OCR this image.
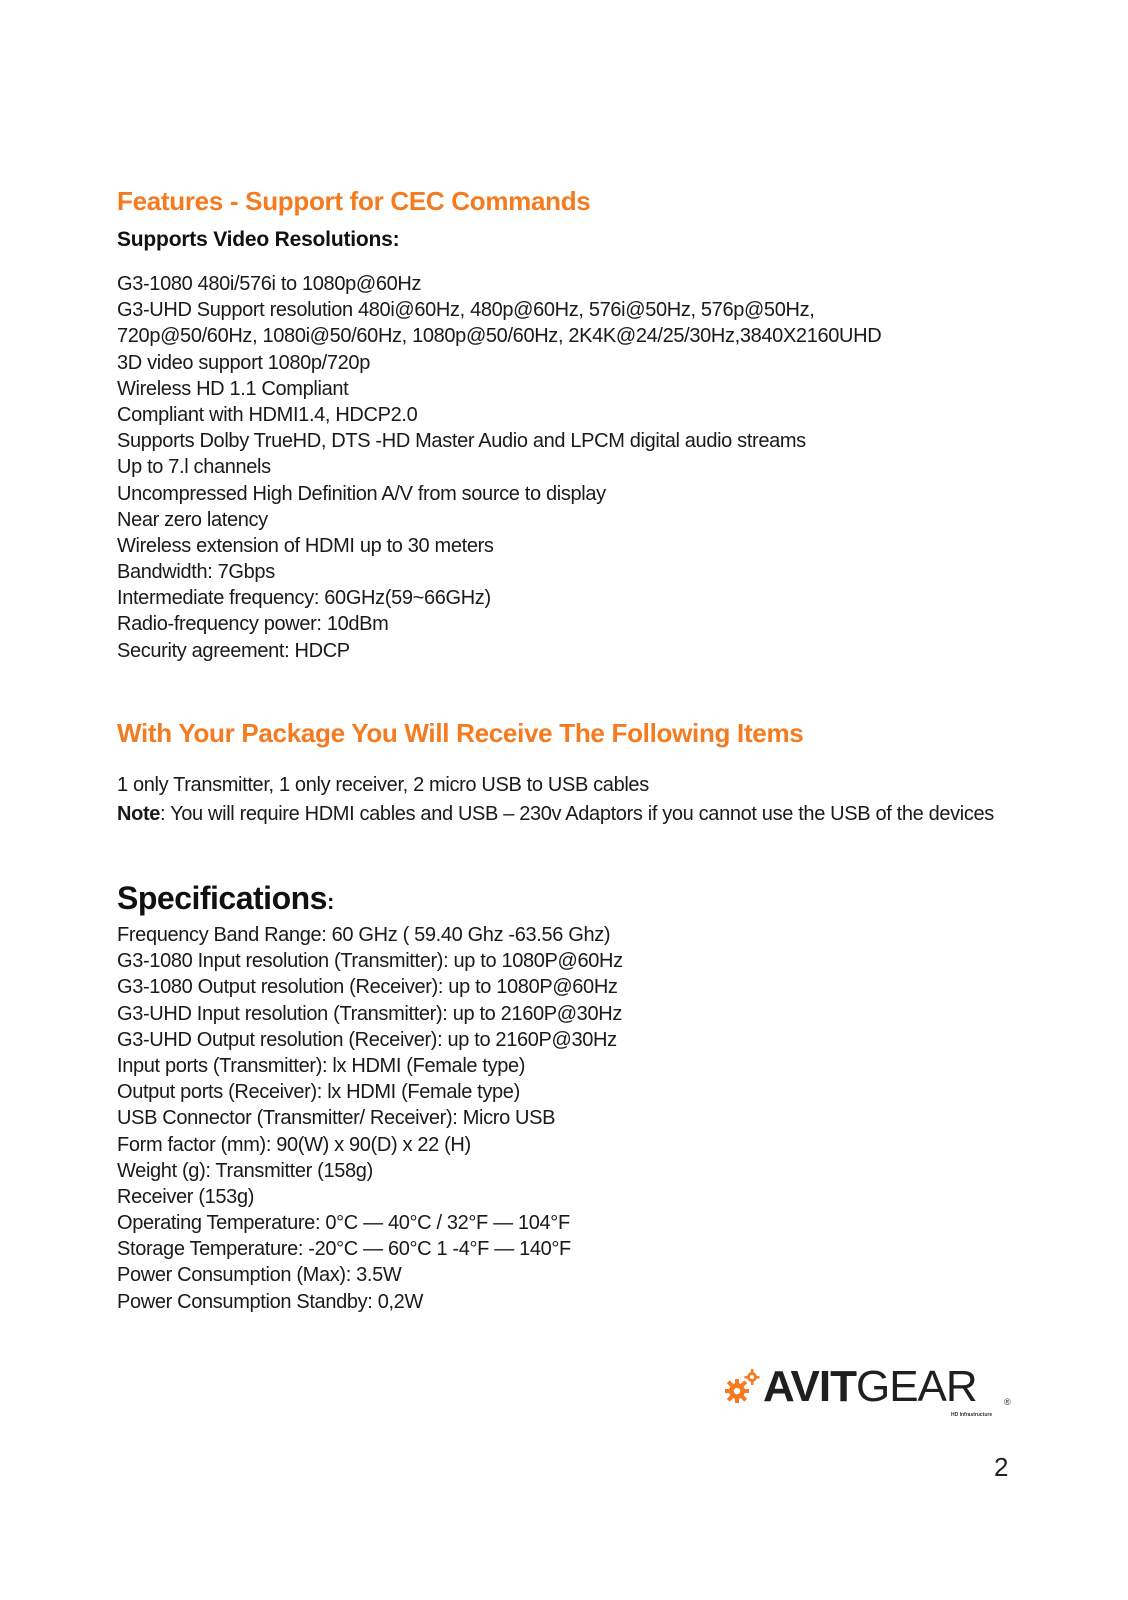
Features - Support for CEC Commands
Supports Video Resolutions:
G3-1080 480i/576i to 1080p@60Hz
G3-UHD Support resolution 480i@60Hz, 480p@60Hz, 576i@50Hz, 576p@50Hz,
720p@50/60Hz, 1080i@50/60Hz, 1080p@50/60Hz, 2K4K@24/25/30Hz,3840X2160UHD
3D video support 1080p/720p
Wireless HD 1.1 Compliant
Compliant with HDMI1.4, HDCP2.0
Supports Dolby TrueHD, DTS -HD Master Audio and LPCM digital audio streams
Up to 7.l channels
Uncompressed High Definition A/V from source to display
Near zero latency
Wireless extension of HDMI up to 30 meters
Bandwidth: 7Gbps
Intermediate frequency: 60GHz(59~66GHz)
Radio-frequency power: 10dBm
Security agreement: HDCP
With Your Package You Will Receive The Following Items
1 only Transmitter, 1 only receiver, 2 micro USB to USB cables
Note: You will require HDMI cables and USB – 230v Adaptors if you cannot use the USB of the devices
Specifications:
Frequency Band Range: 60 GHz ( 59.40 Ghz -63.56 Ghz)
G3-1080 Input resolution (Transmitter): up to 1080P@60Hz
G3-1080 Output resolution (Receiver): up to 1080P@60Hz
G3-UHD Input resolution (Transmitter): up to 2160P@30Hz
G3-UHD Output resolution (Receiver): up to 2160P@30Hz
Input ports (Transmitter): lx HDMI (Female type)
Output ports (Receiver): lx HDMI (Female type)
USB Connector (Transmitter/ Receiver): Micro USB
Form factor (mm): 90(W) x 90(D) x 22 (H)
Weight (g): Transmitter (158g)
Receiver (153g)
Operating Temperature: 0°C — 40°C / 32°F — 104°F
Storage Temperature: -20°C — 60°C 1 -4°F — 140°F
Power Consumption (Max): 3.5W
Power Consumption Standby: 0,2W
AVITGEAR	®
HD Infrastructure
2
